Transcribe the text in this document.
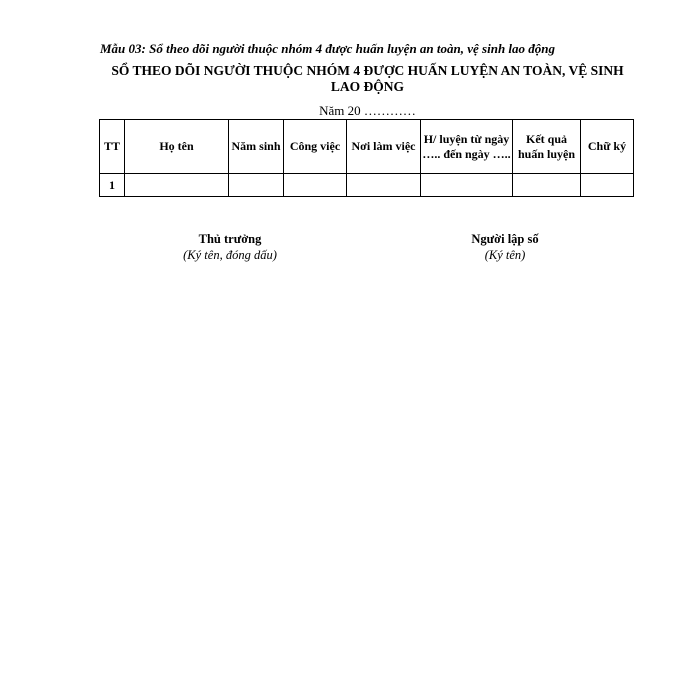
Mẫu 03: Sổ theo dõi người thuộc nhóm 4 được huấn luyện an toàn, vệ sinh lao động
SỔ THEO DÕI NGƯỜI THUỘC NHÓM 4 ĐƯỢC HUẤN LUYỆN AN TOÀN, VỆ SINH LAO ĐỘNG
Năm 20 …………
TT	Họ tên	Năm sinh	Công việc	Nơi làm việc	H/ luyện từ ngày ….. đến ngày …..	Kết quả huấn luyện	Chữ ký
1							
Thủ trưởng
(Ký tên, đóng dấu)
Người lập số
(Ký tên)
